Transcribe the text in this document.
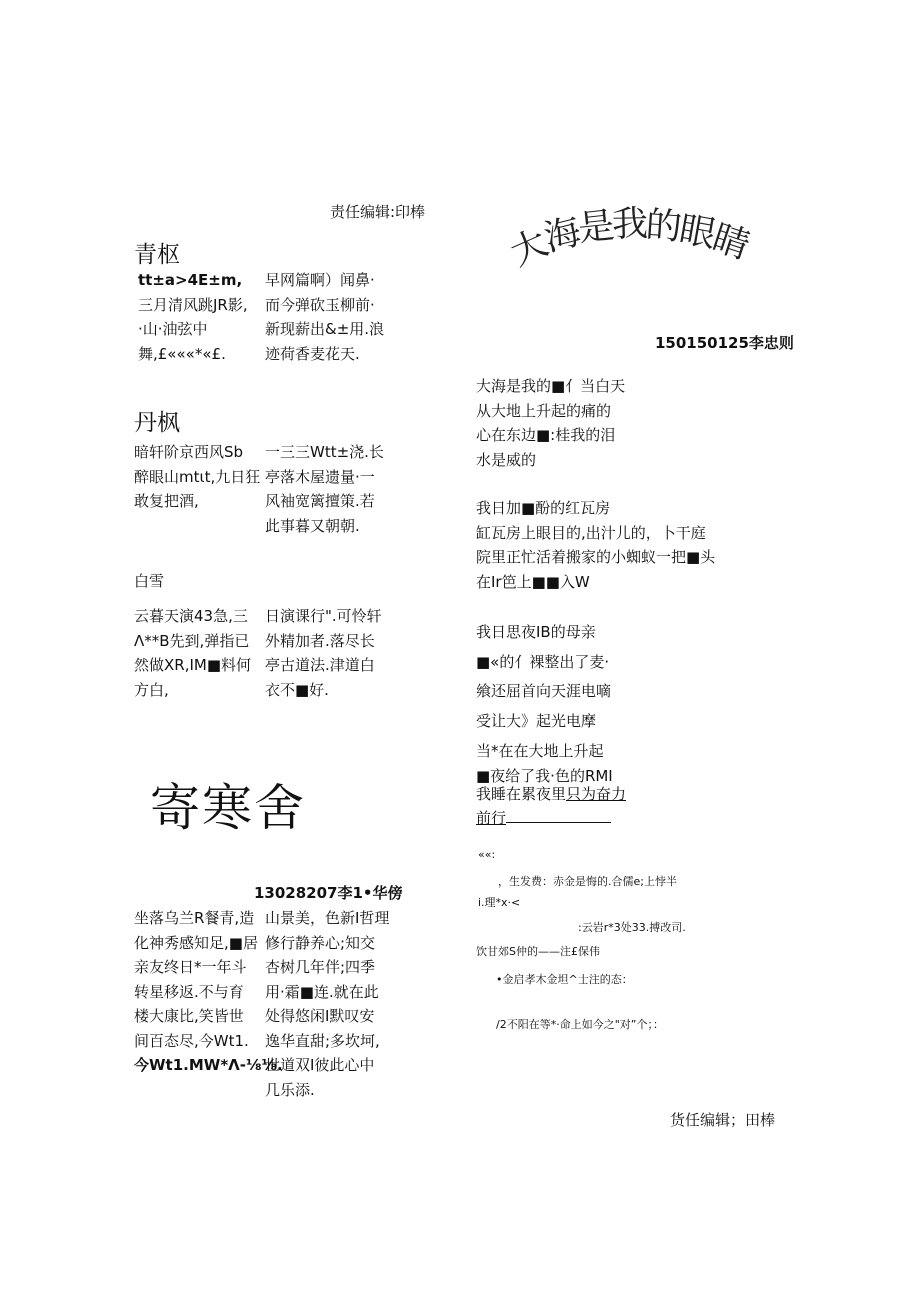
责任编辑:印棒
青枢
tt±a>4E±m,
三月清风跳JR影,
·山·油弦中
舞,£«««*«£.
早网篇啊）闻鼻·
而今弹砍玉柳前·
新现薪出&±用.浪
迹荷香麦花天.
丹枫
暗轩阶京西风Sb
醉眼山mtιt,九日狂
敢复把酒,
一三三Wtt±浇.长
亭落木屋遗量·一
风袖宽篱擅策.若
此事暮又朝朝.
白雪
云暮天演43急,三
Λ**B先到,弹指已
然做XR,IM■料何
方白,
日演课行".可怜轩
外精加者.落尽长
亭古道法.津道白
衣不■好.
寄寒舍
13028207李1•华傍
坐落乌兰R餐青,造
化神秀感知足,■居
亲友终日*一年斗
转星移返.不与育
楼大康比,笑皆世
间百态尽,今Wt1.
今Wt1.MW*Λ-⅛⅛.
山景美，色新I哲理
修行静养心;知交
杏树几年伴;四季
用·霜■连.就在此
处得悠闲I默叹安
逸华直甜;多坎坷,
世道双I彼此心中
几乐添.
大
海
是
我
的
眼
睛
150150125李忠则
大海是我的■亻当白天
从大地上升起的痛的
心在东边■:桂我的泪
水是威的
我日加■酚的红瓦房
缸瓦房上眼目的,出汁儿的，卜干庭
院里正忙活着搬家的小蜘蚁一把■头
在Ir笆上■■入W
我日思夜IB的母亲
■«的亻裸整出了麦·
飨还屈首向天涯电嘀
受让大》起光电摩
当*在在大地上升起
■夜给了我·色的RMI
我睡在累夜里只为奋力
前行
««:
，生发费：赤金是悔的.合儒e;上悖半
i.理*x·<
:云岩r*3处33.搏改司.
饮甘郊S仲的——注£保伟
•金启孝木金坦^士注的态：
/2不阳在等*·命上如今之"对”个；：
货任编辑；田棒
